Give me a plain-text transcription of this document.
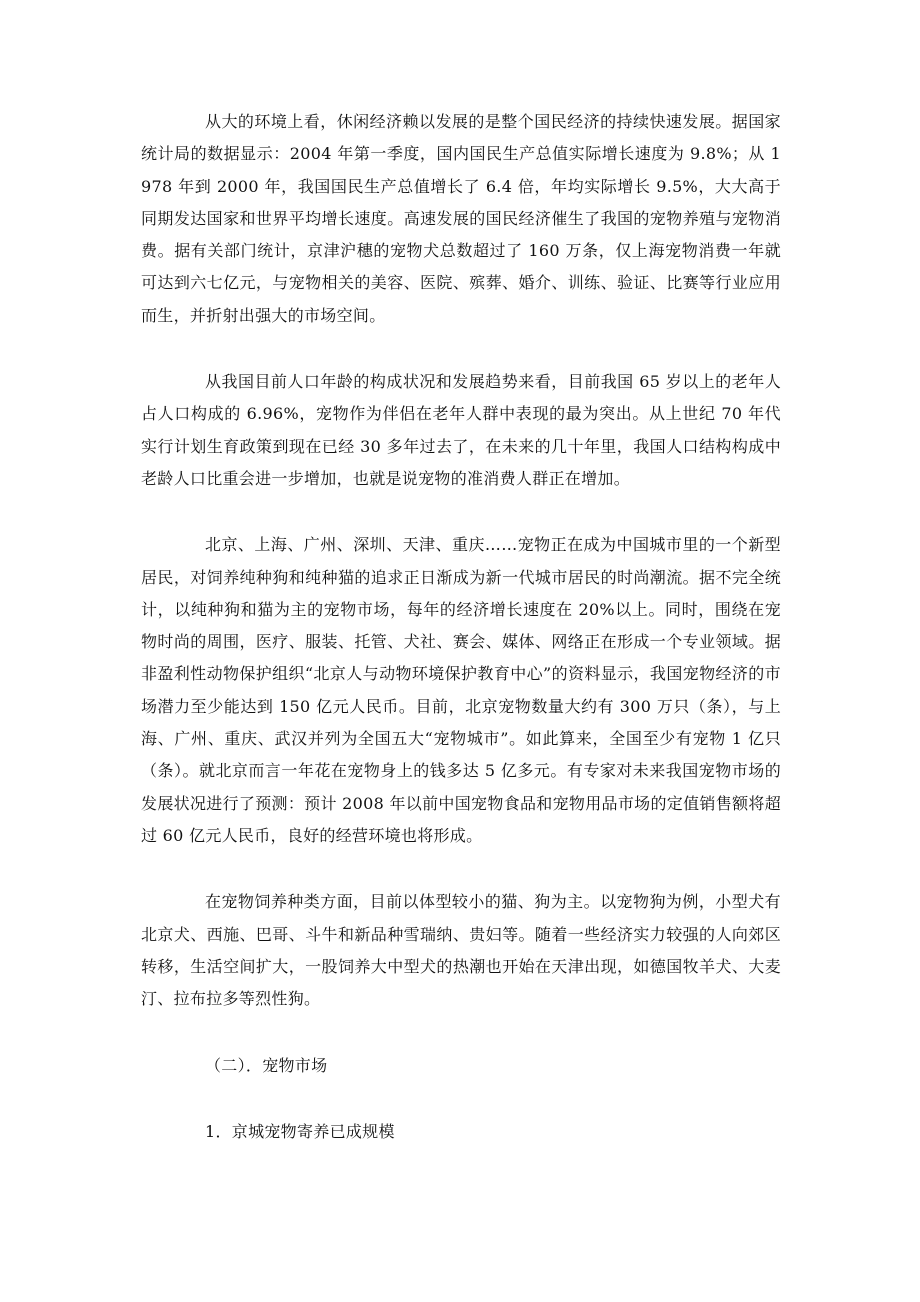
从大的环境上看，休闲经济赖以发展的是整个国民经济的持续快速发展。据国家统计局的数据显示：2004 年第一季度，国内国民生产总值实际增长速度为 9.8%；从 1978 年到 2000 年，我国国民生产总值增长了 6.4 倍，年均实际增长 9.5%，大大高于同期发达国家和世界平均增长速度。高速发展的国民经济催生了我国的宠物养殖与宠物消费。据有关部门统计，京津沪穗的宠物犬总数超过了 160 万条，仅上海宠物消费一年就可达到六七亿元，与宠物相关的美容、医院、殡葬、婚介、训练、验证、比赛等行业应用而生，并折射出强大的市场空间。

从我国目前人口年龄的构成状况和发展趋势来看，目前我国 65 岁以上的老年人占人口构成的 6.96%，宠物作为伴侣在老年人群中表现的最为突出。从上世纪 70 年代实行计划生育政策到现在已经 30 多年过去了，在未来的几十年里，我国人口结构构成中老龄人口比重会进一步增加，也就是说宠物的准消费人群正在增加。

北京、上海、广州、深圳、天津、重庆……宠物正在成为中国城市里的一个新型居民，对饲养纯种狗和纯种猫的追求正日渐成为新一代城市居民的时尚潮流。据不完全统计，以纯种狗和猫为主的宠物市场，每年的经济增长速度在 20%以上。同时，围绕在宠物时尚的周围，医疗、服装、托管、犬社、赛会、媒体、网络正在形成一个专业领域。据非盈利性动物保护组织“北京人与动物环境保护教育中心”的资料显示，我国宠物经济的市场潜力至少能达到 150 亿元人民币。目前，北京宠物数量大约有 300 万只（条），与上海、广州、重庆、武汉并列为全国五大“宠物城市”。如此算来，全国至少有宠物 1 亿只（条）。就北京而言一年花在宠物身上的钱多达 5 亿多元。有专家对未来我国宠物市场的发展状况进行了预测：预计 2008 年以前中国宠物食品和宠物用品市场的定值销售额将超过 60 亿元人民币，良好的经营环境也将形成。

在宠物饲养种类方面，目前以体型较小的猫、狗为主。以宠物狗为例，小型犬有北京犬、西施、巴哥、斗牛和新品种雪瑞纳、贵妇等。随着一些经济实力较强的人向郊区转移，生活空间扩大，一股饲养大中型犬的热潮也开始在天津出现，如德国牧羊犬、大麦汀、拉布拉多等烈性狗。

（二）．宠物市场

1．京城宠物寄养已成规模
